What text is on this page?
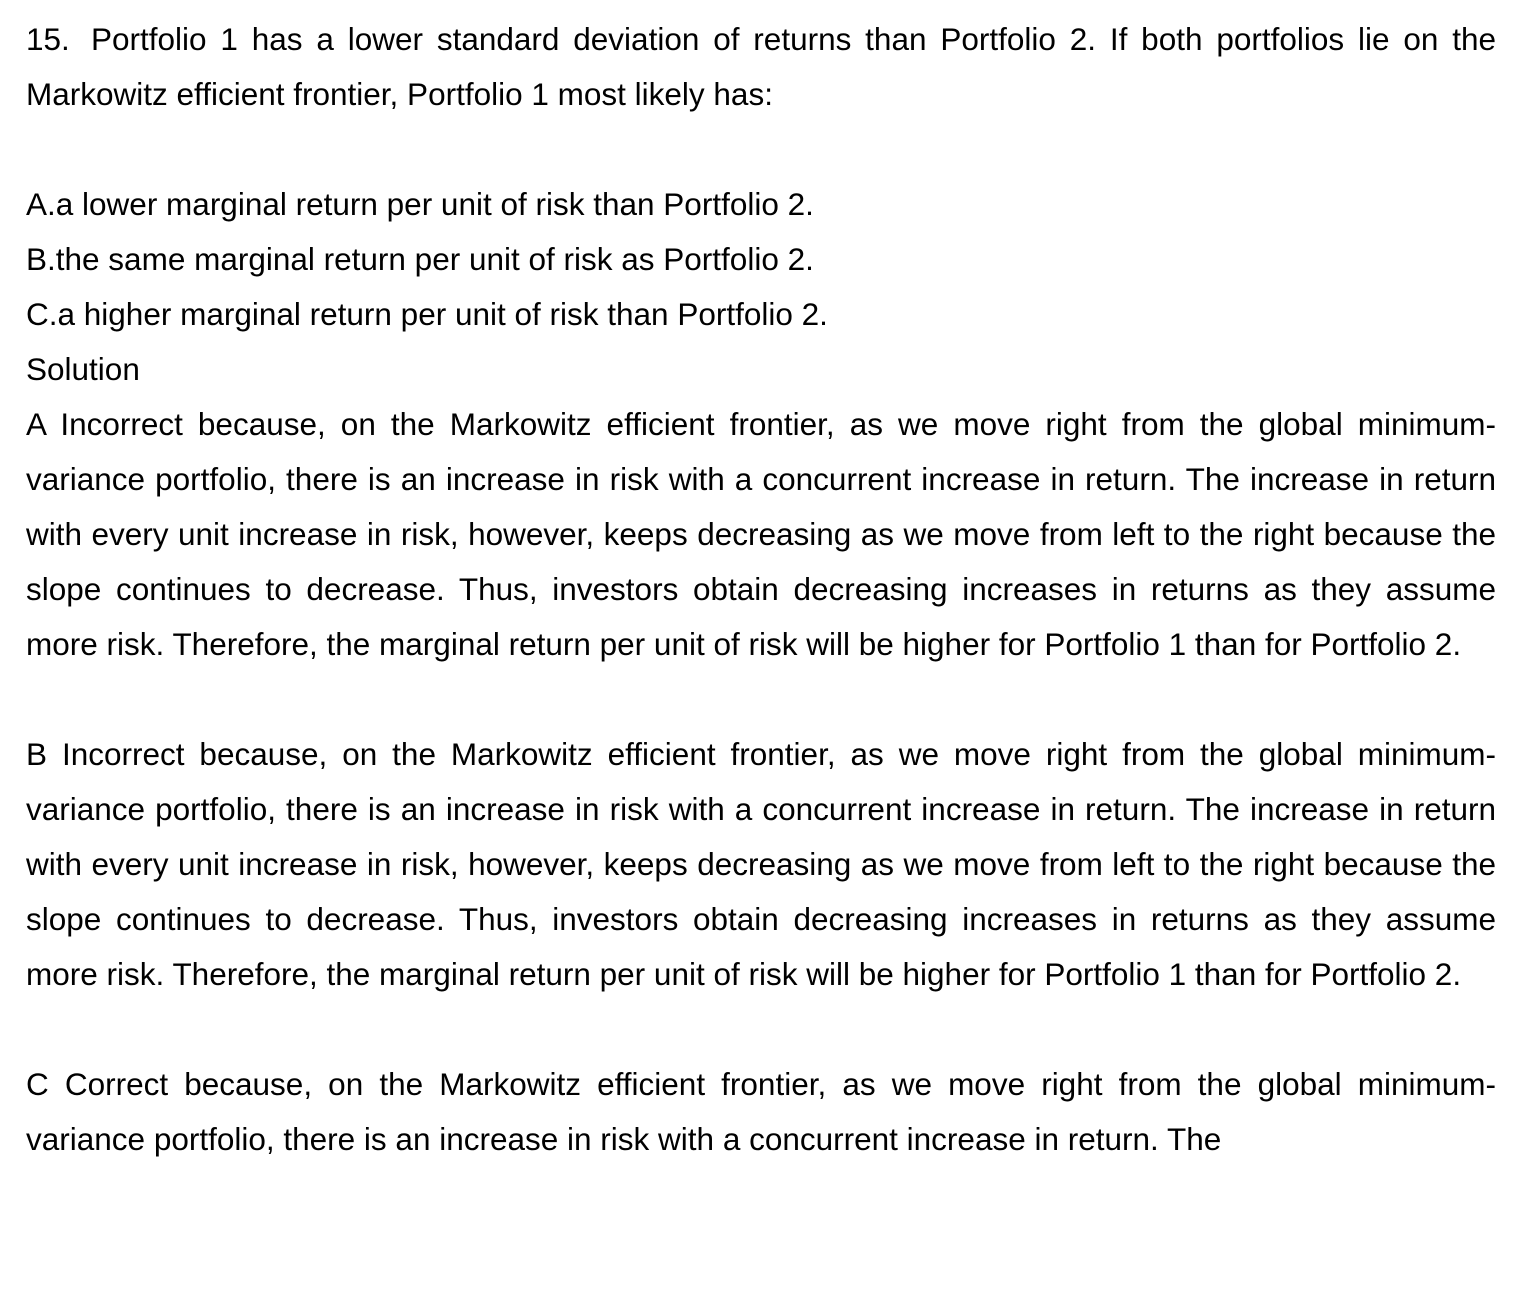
15. Portfolio 1 has a lower standard deviation of returns than Portfolio 2. If both portfolios lie on the Markowitz efficient frontier, Portfolio 1 most likely has:

A.a lower marginal return per unit of risk than Portfolio 2.

B.the same marginal return per unit of risk as Portfolio 2.

C.a higher marginal return per unit of risk than Portfolio 2.

Solution

A Incorrect because, on the Markowitz efficient frontier, as we move right from the global minimum-variance portfolio, there is an increase in risk with a concurrent increase in return. The increase in return with every unit increase in risk, however, keeps decreasing as we move from left to the right because the slope continues to decrease. Thus, investors obtain decreasing increases in returns as they assume more risk. Therefore, the marginal return per unit of risk will be higher for Portfolio 1 than for Portfolio 2.

B Incorrect because, on the Markowitz efficient frontier, as we move right from the global minimum-variance portfolio, there is an increase in risk with a concurrent increase in return. The increase in return with every unit increase in risk, however, keeps decreasing as we move from left to the right because the slope continues to decrease. Thus, investors obtain decreasing increases in returns as they assume more risk. Therefore, the marginal return per unit of risk will be higher for Portfolio 1 than for Portfolio 2.

C Correct because, on the Markowitz efficient frontier, as we move right from the global minimum-variance portfolio, there is an increase in risk with a concurrent increase in return. The
